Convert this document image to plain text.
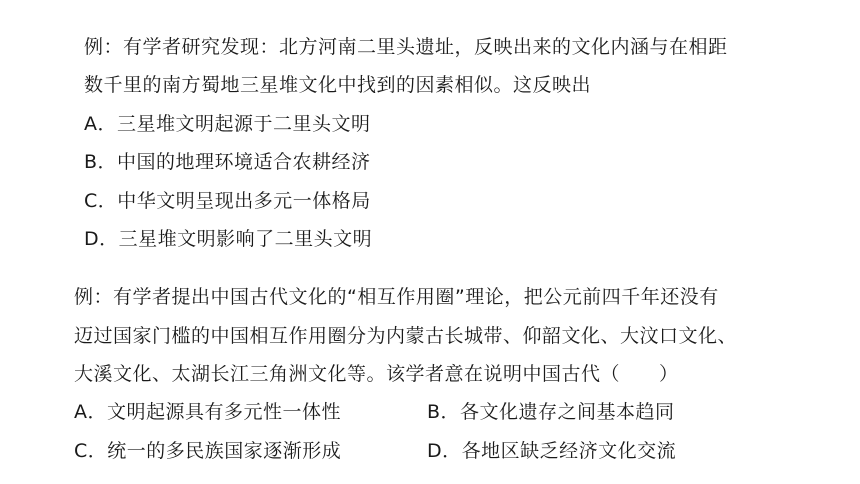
例：有学者研究发现：北方河南二里头遗址，反映出来的文化内涵与在相距
数千里的南方蜀地三星堆文化中找到的因素相似。这反映出
A．三星堆文明起源于二里头文明
B．中国的地理环境适合农耕经济
C．中华文明呈现出多元一体格局
D．三星堆文明影响了二里头文明
例：有学者提出中国古代文化的“相互作用圈”理论，把公元前四千年还没有
迈过国家门槛的中国相互作用圈分为内蒙古长城带、仰韶文化、大汶口文化、
大溪文化、太湖长江三角洲文化等。该学者意在说明中国古代（　　）
A．文明起源具有多元性一体性	B．各文化遗存之间基本趋同
C．统一的多民族国家逐渐形成	D．各地区缺乏经济文化交流
